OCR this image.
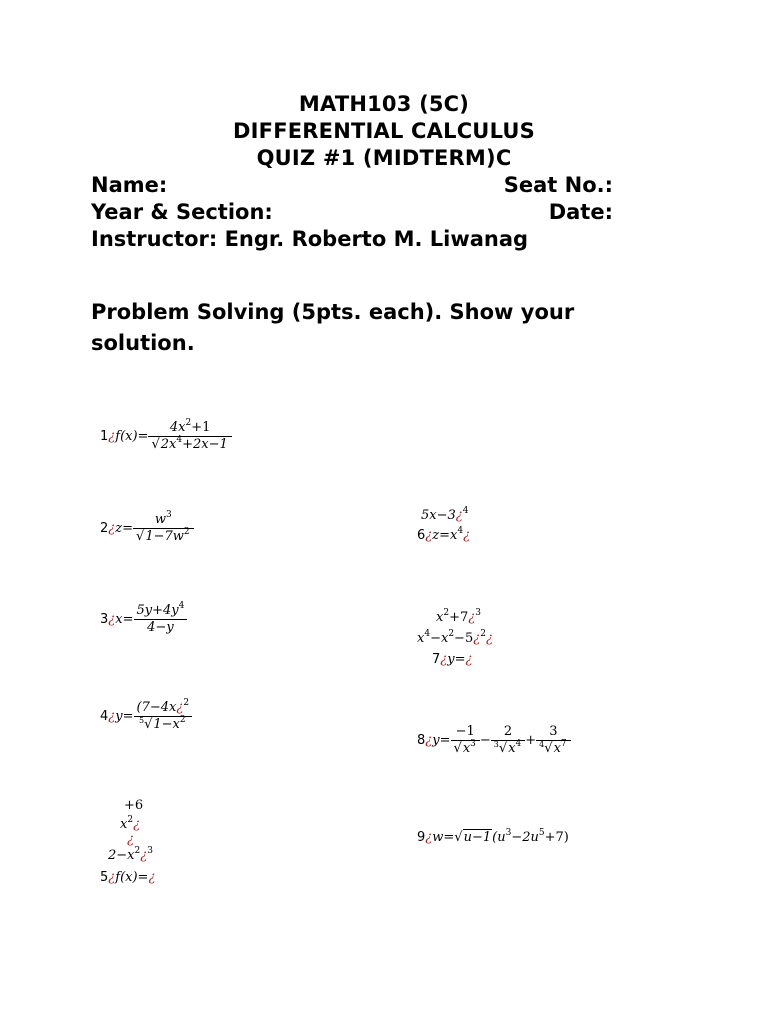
MATH103 (5C)
DIFFERENTIAL CALCULUS
QUIZ #1 (MIDTERM)C
Name:	Seat No.:
Year & Section:	Date:
Instructor: Engr. Roberto M. Liwanag
Problem Solving (5pts. each). Show your solution.
1¿f(x)= $\frac{4x^2+1}{√2x^4+2x-1}$
2¿z= $\frac{w^3}{√1-7w^2}$
3¿x= $\frac{5y+4y^4}{4-y}$
4¿y= $\frac{(7-4x¿^2}{^5√1-x^2}$
+6
$x^2¿$
¿
$2-x^2¿^3$
5¿f(x)=¿
5x−3¿$^4$
$6¿z=x^4¿$
$x^2+7¿^3$
$x^4-x^2-5¿^2¿$
7¿y=¿
8¿y= $\frac{-1}{√x^3} - \frac{2}{^3√x^4} + \frac{3}{^4√x^7}$
$9¿w=√u-1(u^3-2u^5+7)$
